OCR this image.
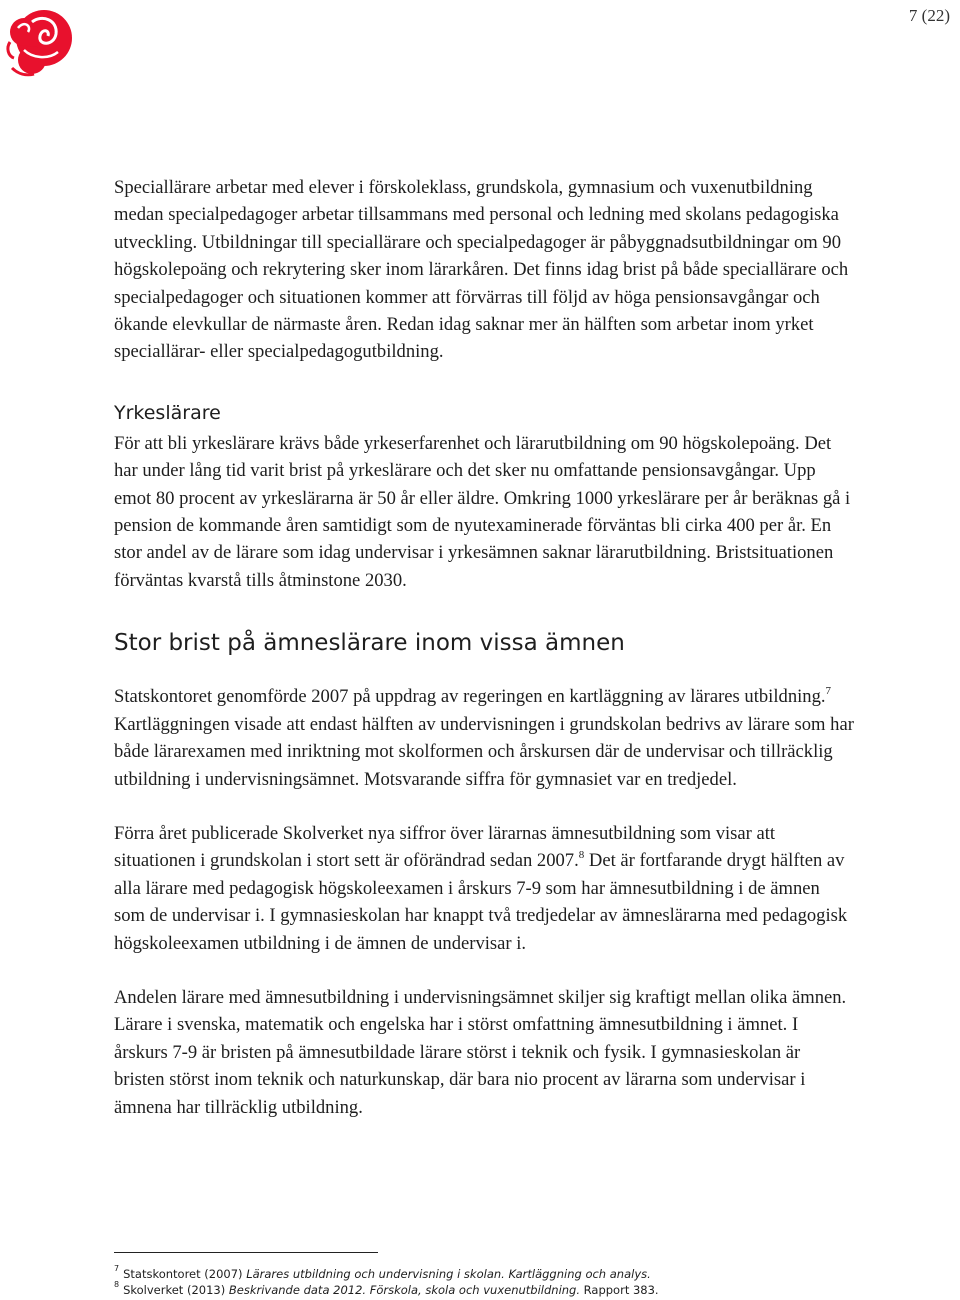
7 (22)

Speciallärare arbetar med elever i förskoleklass, grundskola, gymnasium och vuxenutbildning medan specialpedagoger arbetar tillsammans med personal och ledning med skolans pedagogiska utveckling. Utbildningar till speciallärare och specialpedagoger är påbyggnadsutbildningar om 90 högskolepoäng och rekrytering sker inom lärarkåren. Det finns idag brist på både speciallärare och specialpedagoger och situationen kommer att förvärras till följd av höga pensionsavgångar och ökande elevkullar de närmaste åren. Redan idag saknar mer än hälften som arbetar inom yrket speciallärar- eller specialpedagogutbildning.

Yrkeslärare

För att bli yrkeslärare krävs både yrkeserfarenhet och lärarutbildning om 90 högskolepoäng. Det har under lång tid varit brist på yrkeslärare och det sker nu omfattande pensionsavgångar. Upp emot 80 procent av yrkeslärarna är 50 år eller äldre. Omkring 1000 yrkeslärare per år beräknas gå i pension de kommande åren samtidigt som de nyutexaminerade förväntas bli cirka 400 per år. En stor andel av de lärare som idag undervisar i yrkesämnen saknar lärarutbildning. Bristsituationen förväntas kvarstå tills åtminstone 2030.

Stor brist på ämneslärare inom vissa ämnen

Statskontoret genomförde 2007 på uppdrag av regeringen en kartläggning av lärares utbildning.$^7$ Kartläggningen visade att endast hälften av undervisningen i grundskolan bedrivs av lärare som har både lärarexamen med inriktning mot skolformen och årskursen där de undervisar och tillräcklig utbildning i undervisningsämnet. Motsvarande siffra för gymnasiet var en tredjedel.

Förra året publicerade Skolverket nya siffror över lärarnas ämnesutbildning som visar att situationen i grundskolan i stort sett är oförändrad sedan 2007.$^8$ Det är fortfarande drygt hälften av alla lärare med pedagogisk högskoleexamen i årskurs 7-9 som har ämnesutbildning i de ämnen som de undervisar i. I gymnasieskolan har knappt två tredjedelar av ämneslärarna med pedagogisk högskoleexamen utbildning i de ämnen de undervisar i.

Andelen lärare med ämnesutbildning i undervisningsämnet skiljer sig kraftigt mellan olika ämnen. Lärare i svenska, matematik och engelska har i störst omfattning ämnesutbildning i ämnet. I årskurs 7-9 är bristen på ämnesutbildade lärare störst i teknik och fysik. I gymnasieskolan är bristen störst inom teknik och naturkunskap, där bara nio procent av lärarna som undervisar i ämnena har tillräcklig utbildning.

$^7$ Statskontoret (2007) Lärares utbildning och undervisning i skolan. Kartläggning och analys.
$^8$ Skolverket (2013) Beskrivande data 2012. Förskola, skola och vuxenutbildning. Rapport 383.
